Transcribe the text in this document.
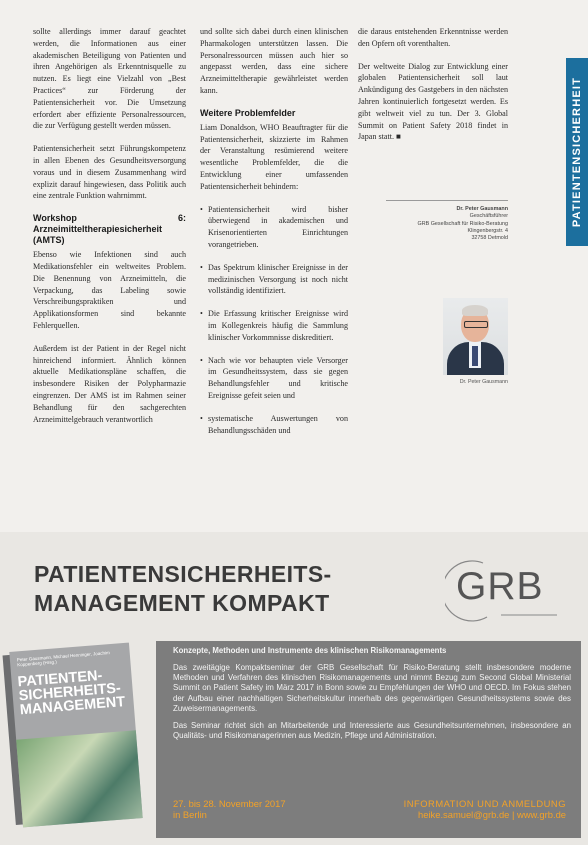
sollte allerdings immer darauf geachtet werden, die Informationen aus einer akademischen Beteiligung von Patienten und ihren Angehörigen als Erkenntnisquelle zu nutzen. Es liegt eine Vielzahl von „Best Practices“ zur Förderung der Patientensicherheit vor. Die Umsetzung erfordert aber effiziente Personalressourcen, die zur Verfügung gestellt werden müssen.

Patientensicherheit setzt Führungskompetenz in allen Ebenen des Gesundheitsversorgung voraus und in diesem Zusammenhang wird explizit darauf hingewiesen, dass Politik auch eine zentrale Funktion wahrnimmt.

Workshop 6: Arzneimitteltherapiesicherheit (AMTS)

Ebenso wie Infektionen sind auch Medikationsfehler ein weltweites Problem. Die Benennung von Arzneimitteln, die Verpackung, das Labeling sowie Verschreibungspraktiken und Applikationsformen sind bekannte Fehlerquellen.

Außerdem ist der Patient in der Regel nicht hinreichend informiert. Ähnlich können aktuelle Medikationspläne schaffen, die insbesondere Risiken der Polypharmazie eingrenzen. Der AMS ist im Rahmen seiner Behandlung für den sachgerechten Arzneimittelgebrauch verantwortlich

und sollte sich dabei durch einen klinischen Pharmakologen unterstützen lassen. Die Personalressourcen müssen auch hier so angepasst werden, dass eine sichere Arzneimitteltherapie gewährleistet werden kann.

Weitere Problemfelder

Liam Donaldson, WHO Beauftragter für die Patientensicherheit, skizzierte im Rahmen der Veranstaltung resümierend weitere wesentliche Problemfelder, die die Entwicklung einer umfassenden Patientensicherheit behindern:

• Patientensicherheit wird bisher überwiegend in akademischen und Krisenorientierten Einrichtungen vorangetrieben.

• Das Spektrum klinischer Ereignisse in der medizinischen Versorgung ist noch nicht vollständig identifiziert.

• Die Erfassung kritischer Ereignisse wird im Kollegenkreis häufig die Sammlung klinischer Vorkommnisse diskreditiert.

• Nach wie vor behaupten viele Versorger im Gesundheitssystem, dass sie gegen Behandlungsfehler und kritische Ereignisse gefeit seien und

• systematische Auswertungen von Behandlungsschäden und

die daraus entstehenden Erkenntnisse werden den Opfern oft vorenthalten.

Der weltweite Dialog zur Entwicklung einer globalen Patientensicherheit soll laut Ankündigung des Gastgebers in den nächsten Jahren kontinuierlich fortgesetzt werden. Es gibt weltweit viel zu tun. Der 3. Global Summit on Patient Safety 2018 findet in Japan statt. ■	PATIENTENSICHERHEIT
Dr. Peter Gausmann
Geschäftsführer
GRB Gesellschaft für Risiko-Beratung
Klingenbergstr. 4
32758 Detmold
Dr. Peter Gausmann
PATIENTENSICHERHEITS-
MANAGEMENT KOMPAKT	GRB
Konzepte, Methoden und Instrumente des klinischen Risikomanagements

Das zweitägige Kompaktseminar der GRB Gesellschaft für Risiko-Beratung stellt insbesondere moderne Methoden und Verfahren des klinischen Risikomanagements und nimmt Bezug zum Second Global Ministerial Summit on Patient Safety im März 2017 in Bonn sowie zu Empfehlungen der WHO und OECD. Im Fokus stehen der Aufbau einer nachhaltigen Sicherheitskultur innerhalb des gegenwärtigen Gesundheitssystems sowie des Zuweisermanagements.

Das Seminar richtet sich an Mitarbeitende und Interessierte aus Gesundheitsunternehmen, insbesondere an Qualitäts- und Risikomanagerinnen aus Medizin, Pflege und Administration.

27. bis 28. November 2017
in Berlin
INFORMATION UND ANMELDUNG
heike.samuel@grb.de | www.grb.de
Peter Gausmann, Michael Henninger, Joachim Koppenberg (Hrsg.)
PATIENTEN-SICHERHEITS-MANAGEMENT
